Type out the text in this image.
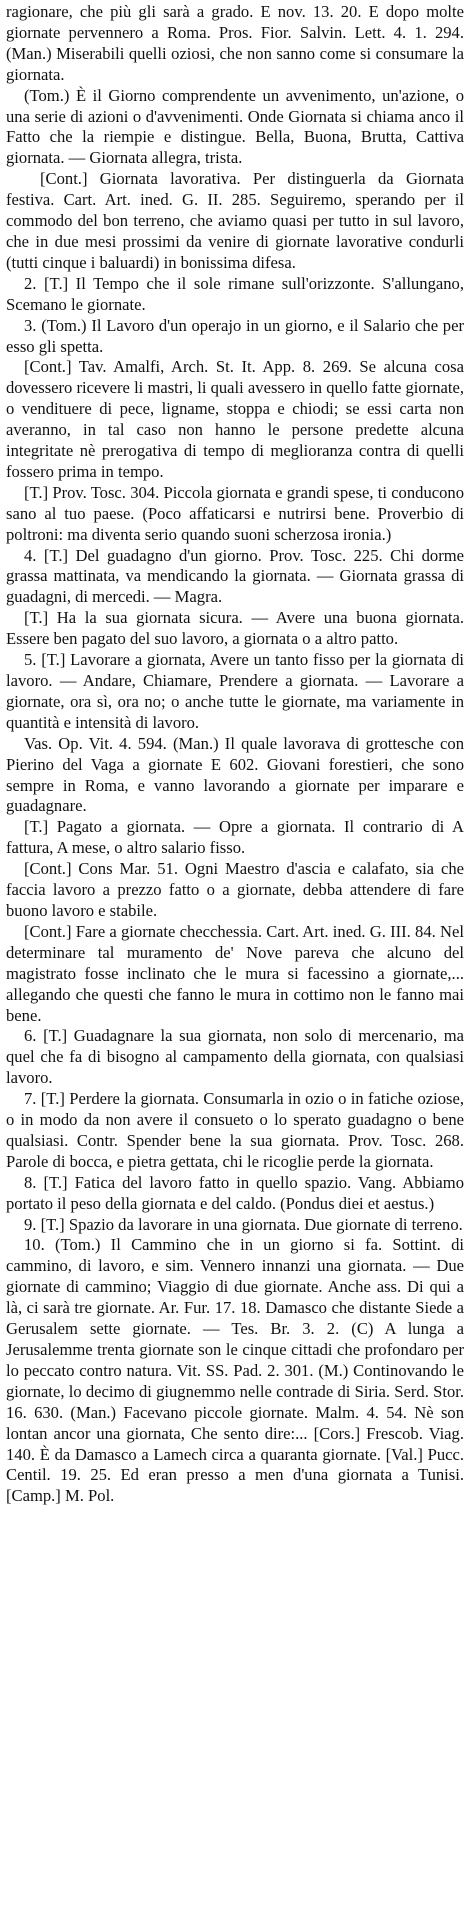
ragionare, che più gli sarà a grado. E nov. 13. 20. E dopo molte giornate pervennero a Roma. Pros. Fior. Salvin. Lett. 4. 1. 294. (Man.) Miserabili quelli oziosi, che non sanno come si consumare la giornata.

(Tom.) È il Giorno comprendente un avvenimento, un'azione, o una serie di azioni o d'avvenimenti. Onde Giornata si chiama anco il Fatto che la riempie e distingue. Bella, Buona, Brutta, Cattiva giornata. — Giornata allegra, trista.

[Cont.] Giornata lavorativa. Per distinguerla da Giornata festiva. Cart. Art. ined. G. II. 285. Seguiremo, sperando per il commodo del bon terreno, che aviamo quasi per tutto in sul lavoro, che in due mesi prossimi da venire di giornate lavorative condurli (tutti cinque i baluardi) in bonissima difesa.

2. [T.] Il Tempo che il sole rimane sull'orizzonte. S'allungano, Scemano le giornate.

3. (Tom.) Il Lavoro d'un operajo in un giorno, e il Salario che per esso gli spetta.

[Cont.] Tav. Amalfi, Arch. St. It. App. 8. 269. Se alcuna cosa dovessero ricevere li mastri, li quali avessero in quello fatte giornate, o vendituere di pece, ligname, stoppa e chiodi; se essi carta non averanno, in tal caso non hanno le persone predette alcuna integritate nè prerogativa di tempo di meglioranza contra di quelli fossero prima in tempo.

[T.] Prov. Tosc. 304. Piccola giornata e grandi spese, ti conducono sano al tuo paese. (Poco affaticarsi e nutrirsi bene. Proverbio di poltroni: ma diventa serio quando suoni scherzosa ironia.)

4. [T.] Del guadagno d'un giorno. Prov. Tosc. 225. Chi dorme grassa mattinata, va mendicando la giornata. — Giornata grassa di guadagni, di mercedi. — Magra.

[T.] Ha la sua giornata sicura. — Avere una buona giornata. Essere ben pagato del suo lavoro, a giornata o a altro patto.

5. [T.] Lavorare a giornata, Avere un tanto fisso per la giornata di lavoro. — Andare, Chiamare, Prendere a giornata. — Lavorare a giornate, ora sì, ora no; o anche tutte le giornate, ma variamente in quantità e intensità di lavoro.

Vas. Op. Vit. 4. 594. (Man.) Il quale lavorava di grottesche con Pierino del Vaga a giornate E 602. Giovani forestieri, che sono sempre in Roma, e vanno lavorando a giornate per imparare e guadagnare.

[T.] Pagato a giornata. — Opre a giornata. Il contrario di A fattura, A mese, o altro salario fisso.

[Cont.] Cons Mar. 51. Ogni Maestro d'ascia e calafato, sia che faccia lavoro a prezzo fatto o a giornate, debba attendere di fare buono lavoro e stabile.

[Cont.] Fare a giornate checchessia. Cart. Art. ined. G. III. 84. Nel determinare tal muramento de' Nove pareva che alcuno del magistrato fosse inclinato che le mura si facessino a giornate,... allegando che questi che fanno le mura in cottimo non le fanno mai bene.

6. [T.] Guadagnare la sua giornata, non solo di mercenario, ma quel che fa di bisogno al campamento della giornata, con qualsiasi lavoro.

7. [T.] Perdere la giornata. Consumarla in ozio o in fatiche oziose, o in modo da non avere il consueto o lo sperato guadagno o bene qualsiasi. Contr. Spender bene la sua giornata. Prov. Tosc. 268. Parole di bocca, e pietra gettata, chi le ricoglie perde la giornata.

8. [T.] Fatica del lavoro fatto in quello spazio. Vang. Abbiamo portato il peso della giornata e del caldo. (Pondus diei et aestus.)

9. [T.] Spazio da lavorare in una giornata. Due giornate di terreno.

10. (Tom.) Il Cammino che in un giorno si fa. Sottint. di cammino, di lavoro, e sim. Vennero innanzi una giornata. — Due giornate di cammino; Viaggio di due giornate. Anche ass. Di qui a là, ci sarà tre giornate. Ar. Fur. 17. 18. Damasco che distante Siede a Gerusalem sette giornate. — Tes. Br. 3. 2. (C) A lunga a Jerusalemme trenta giornate son le cinque cittadi che profondaro per lo peccato contro natura. Vit. SS. Pad. 2. 301. (M.) Continovando le giornate, lo decimo di giugnemmo nelle contrade di Siria. Serd. Stor. 16. 630. (Man.) Facevano piccole giornate. Malm. 4. 54. Nè son lontan ancor una giornata, Che sento dire:... [Cors.] Frescob. Viag. 140. È da Damasco a Lamech circa a quaranta giornate. [Val.] Pucc. Centil. 19. 25. Ed eran presso a men d'una giornata a Tunisi. [Camp.] M. Pol.
